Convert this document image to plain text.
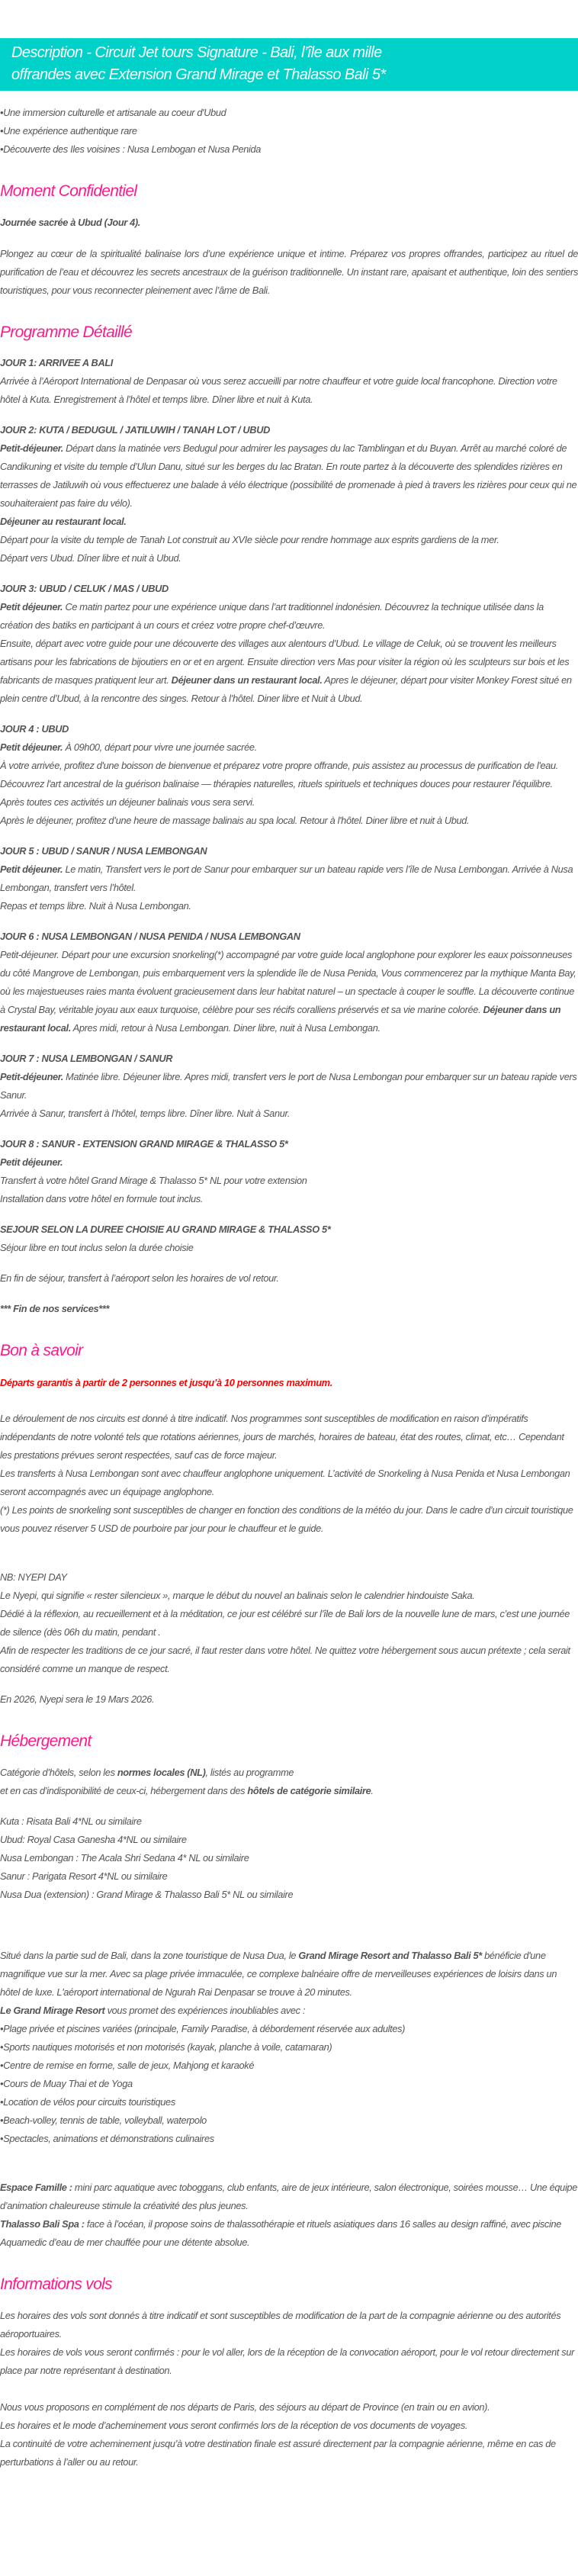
Description - Circuit Jet tours Signature - Bali, l’île aux mille
offrandes avec Extension Grand Mirage et Thalasso Bali 5*

• Une immersion culturelle et artisanale au coeur d'Ubud

• Une expérience authentique rare

• Découverte des Iles voisines : Nusa Lembogan et Nusa Penida

Moment Confidentiel

Journée sacrée à Ubud (Jour 4).

Plongez au cœur de la spiritualité balinaise lors d’une expérience unique et intime. Préparez vos propres offrandes, participez au rituel de purification de l’eau et découvrez les secrets ancestraux de la guérison traditionnelle. Un instant rare, apaisant et authentique, loin des sentiers touristiques, pour vous reconnecter pleinement avec l’âme de Bali.

Programme Détaillé

JOUR 1: ARRIVEE A BALI

Arrivée à l’Aéroport International de Denpasar où vous serez accueilli par notre chauffeur et votre guide local francophone. Direction votre hôtel à Kuta. Enregistrement à l’hôtel et temps libre. Dîner libre et nuit à Kuta.

JOUR 2: KUTA / BEDUGUL / JATILUWIH / TANAH LOT / UBUD

Petit-déjeuner. Départ dans la matinée vers Bedugul pour admirer les paysages du lac Tamblingan et du Buyan. Arrêt au marché coloré de Candikuning et visite du temple d’Ulun Danu, situé sur les berges du lac Bratan. En route partez à la découverte des splendides rizières en terrasses de Jatiluwih où vous effectuerez une balade à vélo électrique (possibilité de promenade à pied à travers les rizières pour ceux qui ne souhaiteraient pas faire du vélo).

Déjeuner au restaurant local.

Départ pour la visite du temple de Tanah Lot construit au XVIe siècle pour rendre hommage aux esprits gardiens de la mer.

Départ vers Ubud. Dîner libre et nuit à Ubud.

JOUR 3: UBUD / CELUK / MAS / UBUD

Petit déjeuner. Ce matin partez pour une expérience unique dans l’art traditionnel indonésien. Découvrez la technique utilisée dans la création des batiks en participant à un cours et créez votre propre chef-d’œuvre.

Ensuite, départ avec votre guide pour une découverte des villages aux alentours d’Ubud. Le village de Celuk, où se trouvent les meilleurs artisans pour les fabrications de bijoutiers en or et en argent. Ensuite direction vers Mas pour visiter la région où les sculpteurs sur bois et les fabricants de masques pratiquent leur art. Déjeuner dans un restaurant local. Apres le déjeuner, départ pour visiter Monkey Forest situé en plein centre d’Ubud, à la rencontre des singes. Retour à l’hôtel. Diner libre et Nuit à Ubud.

JOUR 4 : UBUD

Petit déjeuner. À 09h00, départ pour vivre une journée sacrée.

À votre arrivée, profitez d'une boisson de bienvenue et préparez votre propre offrande, puis assistez au processus de purification de l'eau. Découvrez l'art ancestral de la guérison balinaise — thérapies naturelles, rituels spirituels et techniques douces pour restaurer l'équilibre. Après toutes ces activités un déjeuner balinais vous sera servi.

Après le déjeuner, profitez d’une heure de massage balinais au spa local. Retour à l'hôtel. Diner libre et nuit à Ubud.

JOUR 5 : UBUD / SANUR / NUSA LEMBONGAN

Petit déjeuner. Le matin, Transfert vers le port de Sanur pour embarquer sur un bateau rapide vers l’île de Nusa Lembongan. Arrivée à Nusa Lembongan, transfert vers l’hôtel.

Repas et temps libre. Nuit à Nusa Lembongan.

JOUR 6 : NUSA LEMBONGAN / NUSA PENIDA / NUSA LEMBONGAN

Petit-déjeuner. Départ pour une excursion snorkeling(*) accompagné par votre guide local anglophone pour explorer les eaux poissonneuses du côté Mangrove de Lembongan, puis embarquement vers la splendide île de Nusa Penida, Vous commencerez par la mythique Manta Bay, où les majestueuses raies manta évoluent gracieusement dans leur habitat naturel – un spectacle à couper le souffle. La découverte continue à Crystal Bay, véritable joyau aux eaux turquoise, célèbre pour ses récifs coralliens préservés et sa vie marine colorée. Déjeuner dans un restaurant local. Apres midi, retour à Nusa Lembongan. Diner libre, nuit à Nusa Lembongan.

JOUR 7 : NUSA LEMBONGAN / SANUR

Petit-déjeuner. Matinée libre. Déjeuner libre. Apres midi, transfert vers le port de Nusa Lembongan pour embarquer sur un bateau rapide vers Sanur.

Arrivée à Sanur, transfert à l’hôtel, temps libre. Dîner libre. Nuit à Sanur.

JOUR 8 : SANUR - EXTENSION GRAND MIRAGE & THALASSO 5*

Petit déjeuner.

Transfert à votre hôtel Grand Mirage & Thalasso 5* NL pour votre extension

Installation dans votre hôtel en formule tout inclus.

SEJOUR SELON LA DUREE CHOISIE AU GRAND MIRAGE & THALASSO 5*

Séjour libre en tout inclus selon la durée choisie

En fin de séjour, transfert à l’aéroport selon les horaires de vol retour.

*** Fin de nos services***

Bon à savoir

Départs garantis à partir de 2 personnes et jusqu’à 10 personnes maximum.

Le déroulement de nos circuits est donné à titre indicatif. Nos programmes sont susceptibles de modification en raison d’impératifs indépendants de notre volonté tels que rotations aériennes, jours de marchés, horaires de bateau, état des routes, climat, etc… Cependant les prestations prévues seront respectées, sauf cas de force majeur.

Les transferts à Nusa Lembongan sont avec chauffeur anglophone uniquement. L’activité de Snorkeling à Nusa Penida et Nusa Lembongan seront accompagnés avec un équipage anglophone.

(*) Les points de snorkeling sont susceptibles de changer en fonction des conditions de la météo du jour. Dans le cadre d’un circuit touristique vous pouvez réserver 5 USD de pourboire par jour pour le chauffeur et le guide.

NB: NYEPI DAY

Le Nyepi, qui signifie « rester silencieux », marque le début du nouvel an balinais selon le calendrier hindouiste Saka.

Dédié à la réflexion, au recueillement et à la méditation, ce jour est célébré sur l’île de Bali lors de la nouvelle lune de mars, c’est une journée de silence (dès 06h du matin, pendant .

Afin de respecter les traditions de ce jour sacré, il faut rester dans votre hôtel. Ne quittez votre hébergement sous aucun prétexte ; cela serait considéré comme un manque de respect.

En 2026, Nyepi sera le 19 Mars 2026.

Hébergement

Catégorie d’hôtels, selon les normes locales (NL), listés au programme

et en cas d’indisponibilité de ceux-ci, hébergement dans des hôtels de catégorie similaire.

Kuta : Risata Bali 4*NL ou similaire

Ubud: Royal Casa Ganesha 4*NL ou similaire

Nusa Lembongan : The Acala Shri Sedana 4* NL ou similaire

Sanur : Parigata Resort 4*NL ou similaire

Nusa Dua (extension) : Grand Mirage & Thalasso Bali 5* NL ou similaire

Situé dans la partie sud de Bali, dans la zone touristique de Nusa Dua, le Grand Mirage Resort and Thalasso Bali 5* bénéficie d'une magnifique vue sur la mer. Avec sa plage privée immaculée, ce complexe balnéaire offre de merveilleuses expériences de loisirs dans un hôtel de luxe. L'aéroport international de Ngurah Rai Denpasar se trouve à 20 minutes.

Le Grand Mirage Resort vous promet des expériences inoubliables avec :

• Plage privée et piscines variées (principale, Family Paradise, à débordement réservée aux adultes)

• Sports nautiques motorisés et non motorisés (kayak, planche à voile, catamaran)

• Centre de remise en forme, salle de jeux, Mahjong et karaoké

• Cours de Muay Thai et de Yoga

• Location de vélos pour circuits touristiques

• Beach-volley, tennis de table, volleyball, waterpolo

• Spectacles, animations et démonstrations culinaires

Espace Famille : mini parc aquatique avec toboggans, club enfants, aire de jeux intérieure, salon électronique, soirées mousse… Une équipe d’animation chaleureuse stimule la créativité des plus jeunes.

Thalasso Bali Spa : face à l’océan, il propose soins de thalassothérapie et rituels asiatiques dans 16 salles au design raffiné, avec piscine Aquamedic d’eau de mer chauffée pour une détente absolue.

Informations vols

Les horaires des vols sont donnés à titre indicatif et sont susceptibles de modification de la part de la compagnie aérienne ou des autorités aéroportuaires.

Les horaires de vols vous seront confirmés : pour le vol aller, lors de la réception de la convocation aéroport, pour le vol retour directement sur place par notre représentant à destination.

Nous vous proposons en complément de nos départs de Paris, des séjours au départ de Province (en train ou en avion).

Les horaires et le mode d’acheminement vous seront confirmés lors de la réception de vos documents de voyages.

La continuité de votre acheminement jusqu’à votre destination finale est assuré directement par la compagnie aérienne, même en cas de perturbations à l’aller ou au retour.
